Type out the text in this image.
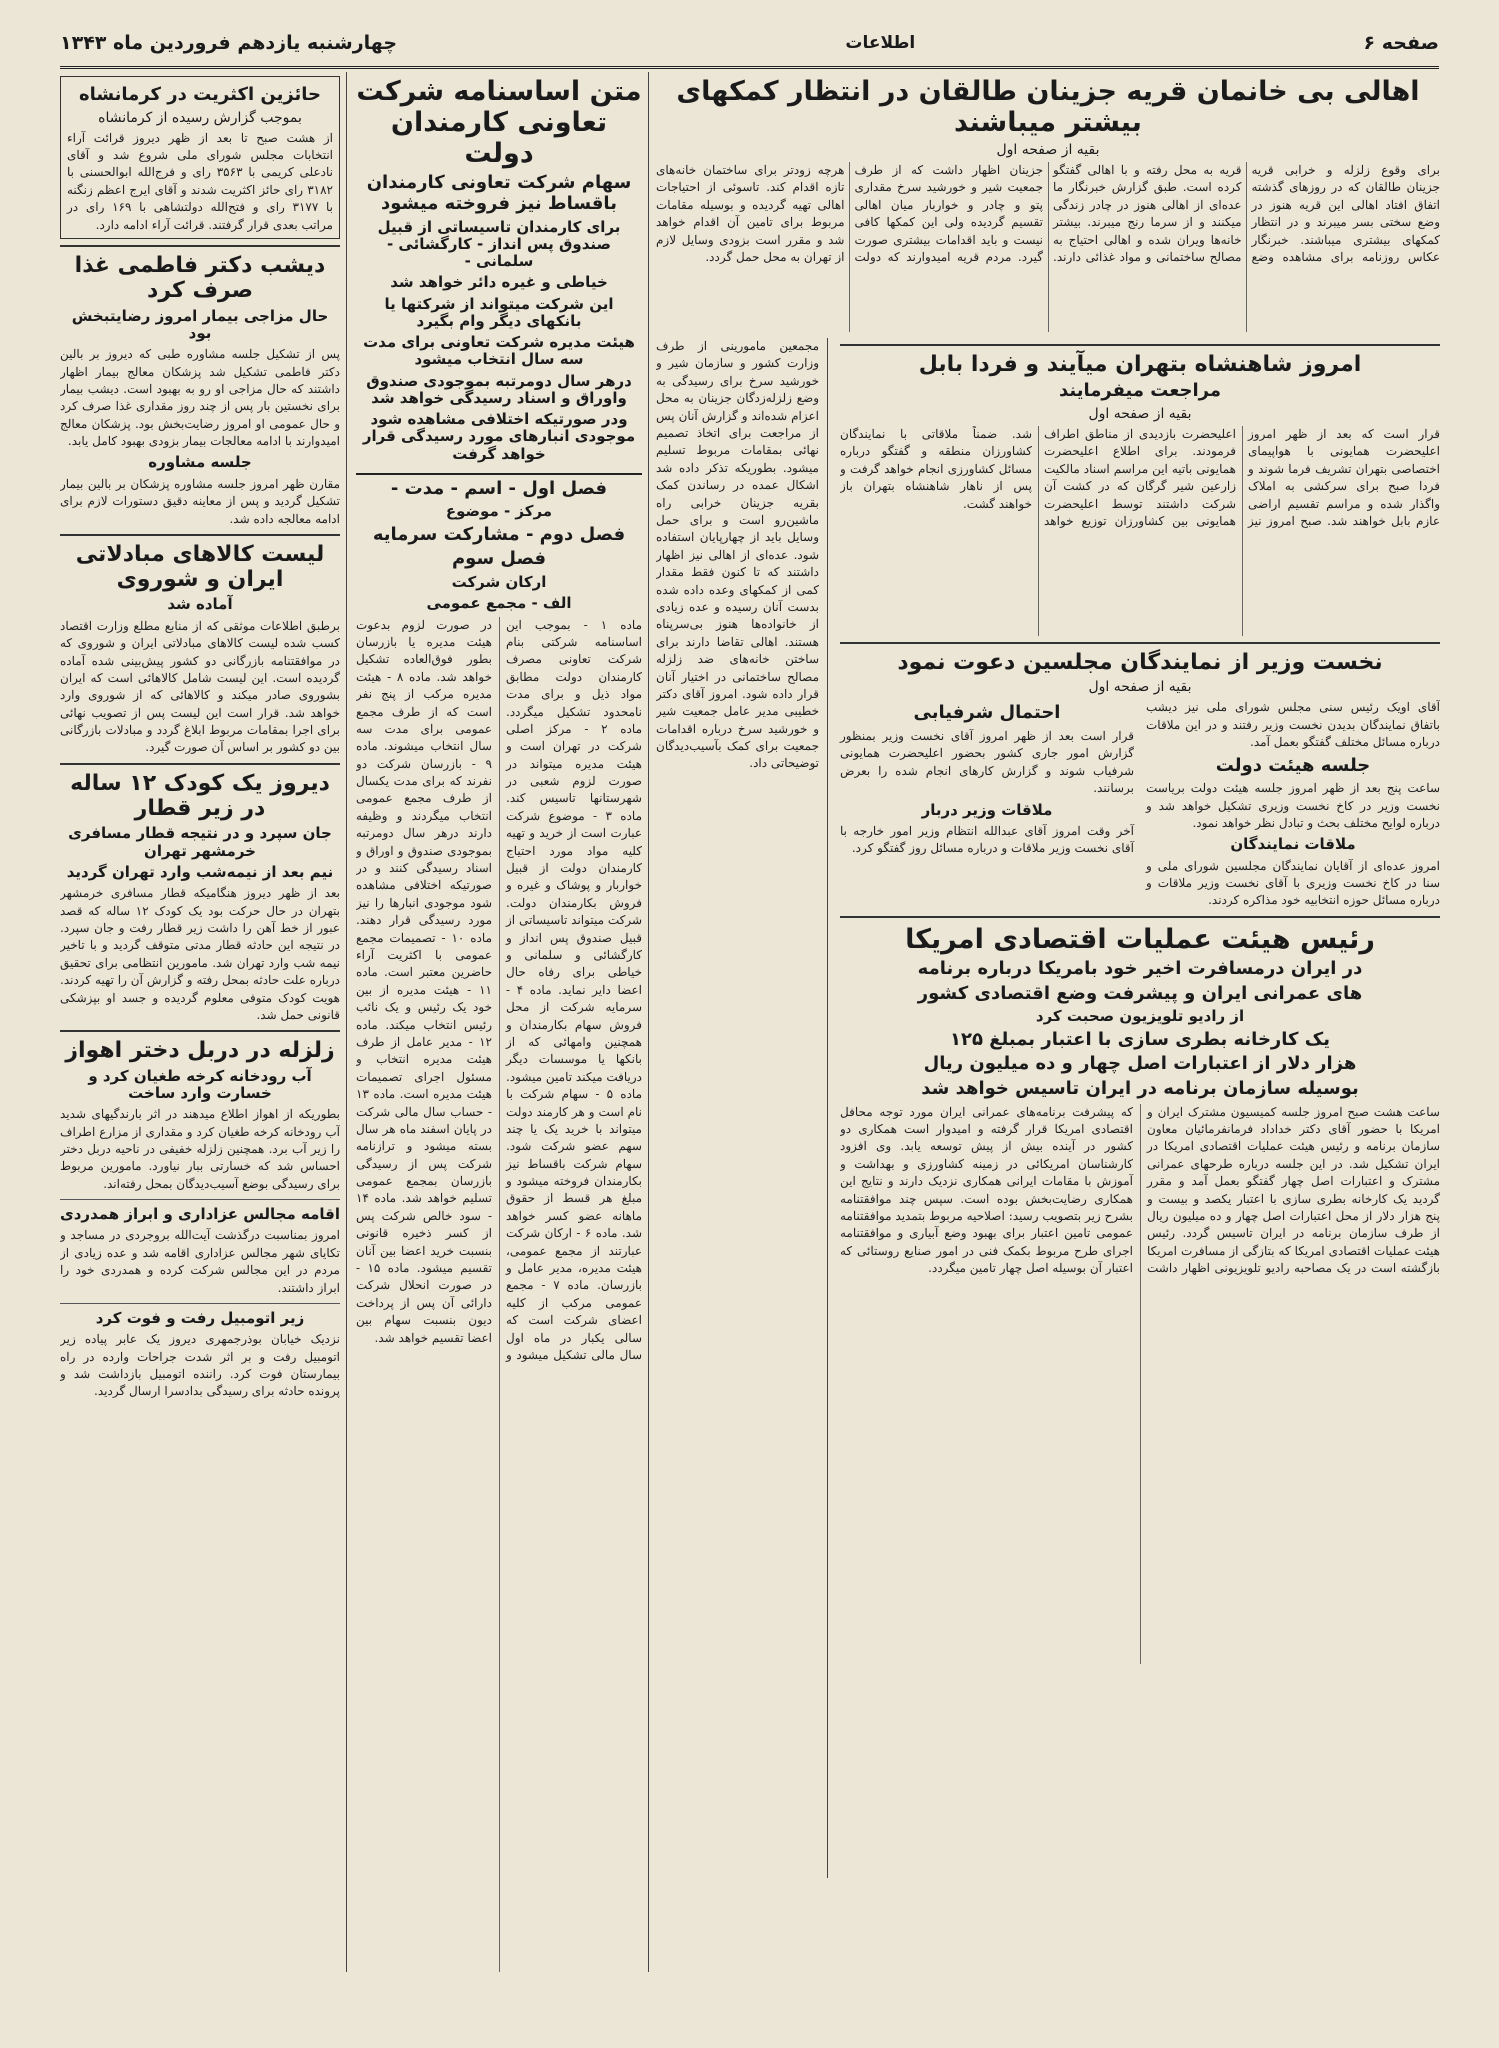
صفحه ۶
اطلاعات
چهارشنبه یازدهم فروردین ماه ۱۳۴۳
اهالی بی خانمان قریه جزینان طالقان در انتظار کمکهای بیشتر میباشند
بقیه از صفحه اول

برای وقوع زلزله و خرابی قریه جزینان طالقان که در روزهای گذشته اتفاق افتاد اهالی این قریه هنوز در وضع سختی بسر میبرند و در انتظار کمکهای بیشتری میباشند. خبرنگار عکاس روزنامه برای مشاهده وضع قریه به محل رفته و با اهالی گفتگو کرده است. طبق گزارش خبرنگار ما عده‌ای از اهالی هنوز در چادر زندگی میکنند و از سرما رنج میبرند. بیشتر خانه‌ها ویران شده و اهالی احتیاج به مصالح ساختمانی و مواد غذائی دارند. جزینان اظهار داشت که از طرف جمعیت شیر و خورشید سرخ مقداری پتو و چادر و خواربار میان اهالی تقسیم گردیده ولی این کمکها کافی نیست و باید اقدامات بیشتری صورت گیرد. مردم قریه امیدوارند که دولت هرچه زودتر برای ساختمان خانه‌های تازه اقدام کند. تاسوئی از احتیاجات اهالی تهیه گردیده و بوسیله مقامات مربوط برای تامین آن اقدام خواهد شد و مقرر است بزودی وسایل لازم از تهران به محل حمل گردد.

امروز شاهنشاه بتهران میآیند و فردا بابل
مراجعت میفرمایند
بقیه از صفحه اول

قرار است که بعد از ظهر امروز اعلیحضرت همایونی با هواپیمای اختصاصی بتهران تشریف فرما شوند و فردا صبح برای سرکشی به املاک واگذار شده و مراسم تقسیم اراضی عازم بابل خواهند شد. صبح امروز نیز اعلیحضرت بازدیدی از مناطق اطراف فرمودند. برای اطلاع اعلیحضرت همایونی باتیه این مراسم اسناد مالکیت زارعین شیر گرگان که در کشت آن شرکت داشتند توسط اعلیحضرت همایونی بین کشاورزان توزیع خواهد شد. ضمناً ملاقاتی با نمایندگان کشاورزان منطقه و گفتگو درباره مسائل کشاورزی انجام خواهد گرفت و پس از ناهار شاهنشاه بتهران باز خواهند گشت.

نخست وزیر از نمایندگان مجلسین دعوت نمود
بقیه از صفحه اول

آقای اویک رئیس سنی مجلس شورای ملی نیز دیشب باتفاق نمایندگان بدیدن نخست وزیر رفتند و در این ملاقات درباره مسائل مختلف گفتگو بعمل آمد.

جلسه هیئت دولت

ساعت پنج بعد از ظهر امروز جلسه هیئت دولت بریاست نخست وزیر در کاخ نخست وزیری تشکیل خواهد شد و درباره لوایح مختلف بحث و تبادل نظر خواهد نمود.

ملاقات نمایندگان

امروز عده‌ای از آقایان نمایندگان مجلسین شورای ملی و سنا در کاخ نخست وزیری با آقای نخست وزیر ملاقات و درباره مسائل حوزه انتخابیه خود مذاکره کردند.

احتمال شرفیابی

قرار است بعد از ظهر امروز آقای نخست وزیر بمنظور گزارش امور جاری کشور بحضور اعلیحضرت همایونی شرفیاب شوند و گزارش کارهای انجام شده را بعرض برسانند.

ملاقات وزیر دربار

آخر وقت امروز آقای عبدالله انتظام وزیر امور خارجه با آقای نخست وزیر ملاقات و درباره مسائل روز گفتگو کرد.

رئیس هیئت عملیات اقتصادی امریکا
در ایران درمسافرت اخیر خود بامریکا درباره برنامه
های عمرانی ایران و پیشرفت وضع اقتصادی کشور
از رادیو تلویزیون صحبت کرد
یک کارخانه بطری سازی با اعتبار بمبلغ ۱۲۵
هزار دلار از اعتبارات اصل چهار و ده میلیون ریال
بوسیله سازمان برنامه در ایران تاسیس خواهد شد

ساعت هشت صبح امروز جلسه کمیسیون مشترک ایران و امریکا با حضور آقای دکتر خداداد فرمانفرمائیان معاون سازمان برنامه و رئیس هیئت عملیات اقتصادی امریکا در ایران تشکیل شد. در این جلسه درباره طرحهای عمرانی مشترک و اعتبارات اصل چهار گفتگو بعمل آمد و مقرر گردید یک کارخانه بطری سازی با اعتبار یکصد و بیست و پنج هزار دلار از محل اعتبارات اصل چهار و ده میلیون ریال از طرف سازمان برنامه در ایران تاسیس گردد. رئیس هیئت عملیات اقتصادی امریکا که بتازگی از مسافرت امریکا بازگشته است در یک مصاحبه رادیو تلویزیونی اظهار داشت که پیشرفت برنامه‌های عمرانی ایران مورد توجه محافل اقتصادی امریکا قرار گرفته و امیدوار است همکاری دو کشور در آینده بیش از پیش توسعه یابد. وی افزود کارشناسان امریکائی در زمینه کشاورزی و بهداشت و آموزش با مقامات ایرانی همکاری نزدیک دارند و نتایج این همکاری رضایت‌بخش بوده است. سپس چند موافقتنامه بشرح زیر بتصویب رسید: اصلاحیه مربوط بتمدید موافقتنامه عمومی تامین اعتبار برای بهبود وضع آبیاری و موافقتنامه اجرای طرح مربوط بکمک فنی در امور صنایع روستائی که اعتبار آن بوسیله اصل چهار تامین میگردد.

مجمعین مامورینی از طرف وزارت کشور و سازمان شیر و خورشید سرخ برای رسیدگی به وضع زلزله‌زدگان جزینان به محل اعزام شده‌اند و گزارش آنان پس از مراجعت برای اتخاذ تصمیم نهائی بمقامات مربوط تسلیم میشود. بطوریکه تذکر داده شد اشکال عمده در رساندن کمک بقریه جزینان خرابی راه ماشین‌رو است و برای حمل وسایل باید از چهارپایان استفاده شود. عده‌ای از اهالی نیز اظهار داشتند که تا کنون فقط مقدار کمی از کمکهای وعده داده شده بدست آنان رسیده و عده زیادی از خانواده‌ها هنوز بی‌سرپناه هستند. اهالی تقاضا دارند برای ساختن خانه‌های ضد زلزله مصالح ساختمانی در اختیار آنان قرار داده شود. امروز آقای دکتر خطیبی مدیر عامل جمعیت شیر و خورشید سرخ درباره اقدامات جمعیت برای کمک بآسیب‌دیدگان توضیحاتی داد.

متن اساسنامه شرکت تعاونی کارمندان دولت
سهام شرکت تعاونی کارمندان باقساط نیز فروخته میشود
برای کارمندان تاسیساتی از قبیل صندوق پس انداز - کارگشائی - سلمانی -
خیاطی و غیره دائر خواهد شد
این شرکت میتواند از شرکتها یا بانکهای دیگر وام بگیرد
هیئت مدیره شرکت تعاونی برای مدت سه سال انتخاب میشود
درهر سال دومرتبه بموجودی صندوق واوراق و اسناد رسیدگی خواهد شد
ودر صورتیکه اختلافی مشاهده شود موجودی انبارهای مورد رسیدگی قرار خواهد گرفت
فصل اول - اسم - مدت -
مرکز - موضوع
فصل دوم - مشارکت سرمایه
فصل سوم
ارکان شرکت
الف - مجمع عمومی

ماده ۱ - بموجب این اساسنامه شرکتی بنام شرکت تعاونی مصرف کارمندان دولت مطابق مواد ذیل و برای مدت نامحدود تشکیل میگردد. ماده ۲ - مرکز اصلی شرکت در تهران است و هیئت مدیره میتواند در صورت لزوم شعبی در شهرستانها تاسیس کند. ماده ۳ - موضوع شرکت عبارت است از خرید و تهیه کلیه مواد مورد احتیاج کارمندان دولت از قبیل خواربار و پوشاک و غیره و فروش بکارمندان دولت. شرکت میتواند تاسیساتی از قبیل صندوق پس انداز و کارگشائی و سلمانی و خیاطی برای رفاه حال اعضا دایر نماید. ماده ۴ - سرمایه شرکت از محل فروش سهام بکارمندان و همچنین وامهائی که از بانکها یا موسسات دیگر دریافت میکند تامین میشود. ماده ۵ - سهام شرکت با نام است و هر کارمند دولت میتواند با خرید یک یا چند سهم عضو شرکت شود. سهام شرکت باقساط نیز بکارمندان فروخته میشود و مبلغ هر قسط از حقوق ماهانه عضو کسر خواهد شد. ماده ۶ - ارکان شرکت عبارتند از مجمع عمومی، هیئت مدیره، مدیر عامل و بازرسان. ماده ۷ - مجمع عمومی مرکب از کلیه اعضای شرکت است که سالی یکبار در ماه اول سال مالی تشکیل میشود و در صورت لزوم بدعوت هیئت مدیره یا بازرسان بطور فوق‌العاده تشکیل خواهد شد. ماده ۸ - هیئت مدیره مرکب از پنج نفر است که از طرف مجمع عمومی برای مدت سه سال انتخاب میشوند. ماده ۹ - بازرسان شرکت دو نفرند که برای مدت یکسال از طرف مجمع عمومی انتخاب میگردند و وظیفه دارند درهر سال دومرتبه بموجودی صندوق و اوراق و اسناد رسیدگی کنند و در صورتیکه اختلافی مشاهده شود موجودی انبارها را نیز مورد رسیدگی قرار دهند. ماده ۱۰ - تصمیمات مجمع عمومی با اکثریت آراء حاضرین معتبر است. ماده ۱۱ - هیئت مدیره از بین خود یک رئیس و یک نائب رئیس انتخاب میکند. ماده ۱۲ - مدیر عامل از طرف هیئت مدیره انتخاب و مسئول اجرای تصمیمات هیئت مدیره است. ماده ۱۳ - حساب سال مالی شرکت در پایان اسفند ماه هر سال بسته میشود و ترازنامه شرکت پس از رسیدگی بازرسان بمجمع عمومی تسلیم خواهد شد. ماده ۱۴ - سود خالص شرکت پس از کسر ذخیره قانونی بنسبت خرید اعضا بین آنان تقسیم میشود. ماده ۱۵ - در صورت انحلال شرکت دارائی آن پس از پرداخت دیون بنسبت سهام بین اعضا تقسیم خواهد شد.

حائزین اکثریت در کرمانشاه
بموجب گزارش رسیده از کرمانشاه

از هشت صبح تا بعد از ظهر دیروز قرائت آراء انتخابات مجلس شورای ملی شروع شد و آقای نادعلی کریمی با ۳۵۶۳ رای و فرج‌الله ابوالحسنی با ۳۱۸۲ رای حائز اکثریت شدند و آقای ایرج اعظم زنگنه با ۳۱۷۷ رای و فتح‌الله دولتشاهی با ۱۶۹ رای در مراتب بعدی قرار گرفتند. قرائت آراء ادامه دارد.

دیشب دکتر فاطمی غذا صرف کرد
حال مزاجی بیمار امروز رضایتبخش بود

پس از تشکیل جلسه مشاوره طبی که دیروز بر بالین دکتر فاطمی تشکیل شد پزشکان معالج بیمار اظهار داشتند که حال مزاجی او رو به بهبود است. دیشب بیمار برای نخستین بار پس از چند روز مقداری غذا صرف کرد و حال عمومی او امروز رضایت‌بخش بود. پزشکان معالج امیدوارند با ادامه معالجات بیمار بزودی بهبود کامل یابد.

جلسه مشاوره

مقارن ظهر امروز جلسه مشاوره پزشکان بر بالین بیمار تشکیل گردید و پس از معاینه دقیق دستورات لازم برای ادامه معالجه داده شد.

لیست کالاهای مبادلاتی ایران و شوروی
آماده شد

برطبق اطلاعات موثقی که از منابع مطلع وزارت اقتصاد کسب شده لیست کالاهای مبادلاتی ایران و شوروی که در موافقتنامه بازرگانی دو کشور پیش‌بینی شده آماده گردیده است. این لیست شامل کالاهائی است که ایران بشوروی صادر میکند و کالاهائی که از شوروی وارد خواهد شد. قرار است این لیست پس از تصویب نهائی برای اجرا بمقامات مربوط ابلاغ گردد و مبادلات بازرگانی بین دو کشور بر اساس آن صورت گیرد.

دیروز یک کودک ۱۲ ساله در زیر قطار
جان سپرد و در نتیجه قطار مسافری خرمشهر تهران
نیم بعد از نیمه‌شب وارد تهران گردید

بعد از ظهر دیروز هنگامیکه قطار مسافری خرمشهر بتهران در حال حرکت بود یک کودک ۱۲ ساله که قصد عبور از خط آهن را داشت زیر قطار رفت و جان سپرد. در نتیجه این حادثه قطار مدتی متوقف گردید و با تاخیر نیمه شب وارد تهران شد. مامورین انتظامی برای تحقیق درباره علت حادثه بمحل رفته و گزارش آن را تهیه کردند. هویت کودک متوفی معلوم گردیده و جسد او بپزشکی قانونی حمل شد.

زلزله در دربل دختر اهواز
آب رودخانه کرخه طغیان کرد و خسارت وارد ساخت

بطوریکه از اهواز اطلاع میدهند در اثر بارندگیهای شدید آب رودخانه کرخه طغیان کرد و مقداری از مزارع اطراف را زیر آب برد. همچنین زلزله خفیفی در ناحیه دربل دختر احساس شد که خسارتی ببار نیاورد. مامورین مربوط برای رسیدگی بوضع آسیب‌دیدگان بمحل رفته‌اند.

اقامه مجالس عزاداری و ابراز همدردی

امروز بمناسبت درگذشت آیت‌الله بروجردی در مساجد و تکایای شهر مجالس عزاداری اقامه شد و عده زیادی از مردم در این مجالس شرکت کرده و همدردی خود را ابراز داشتند.

زیر اتومبیل رفت و فوت کرد

نزدیک خیابان بوذرجمهری دیروز یک عابر پیاده زیر اتومبیل رفت و بر اثر شدت جراحات وارده در راه بیمارستان فوت کرد. راننده اتومبیل بازداشت شد و پرونده حادثه برای رسیدگی بدادسرا ارسال گردید.
